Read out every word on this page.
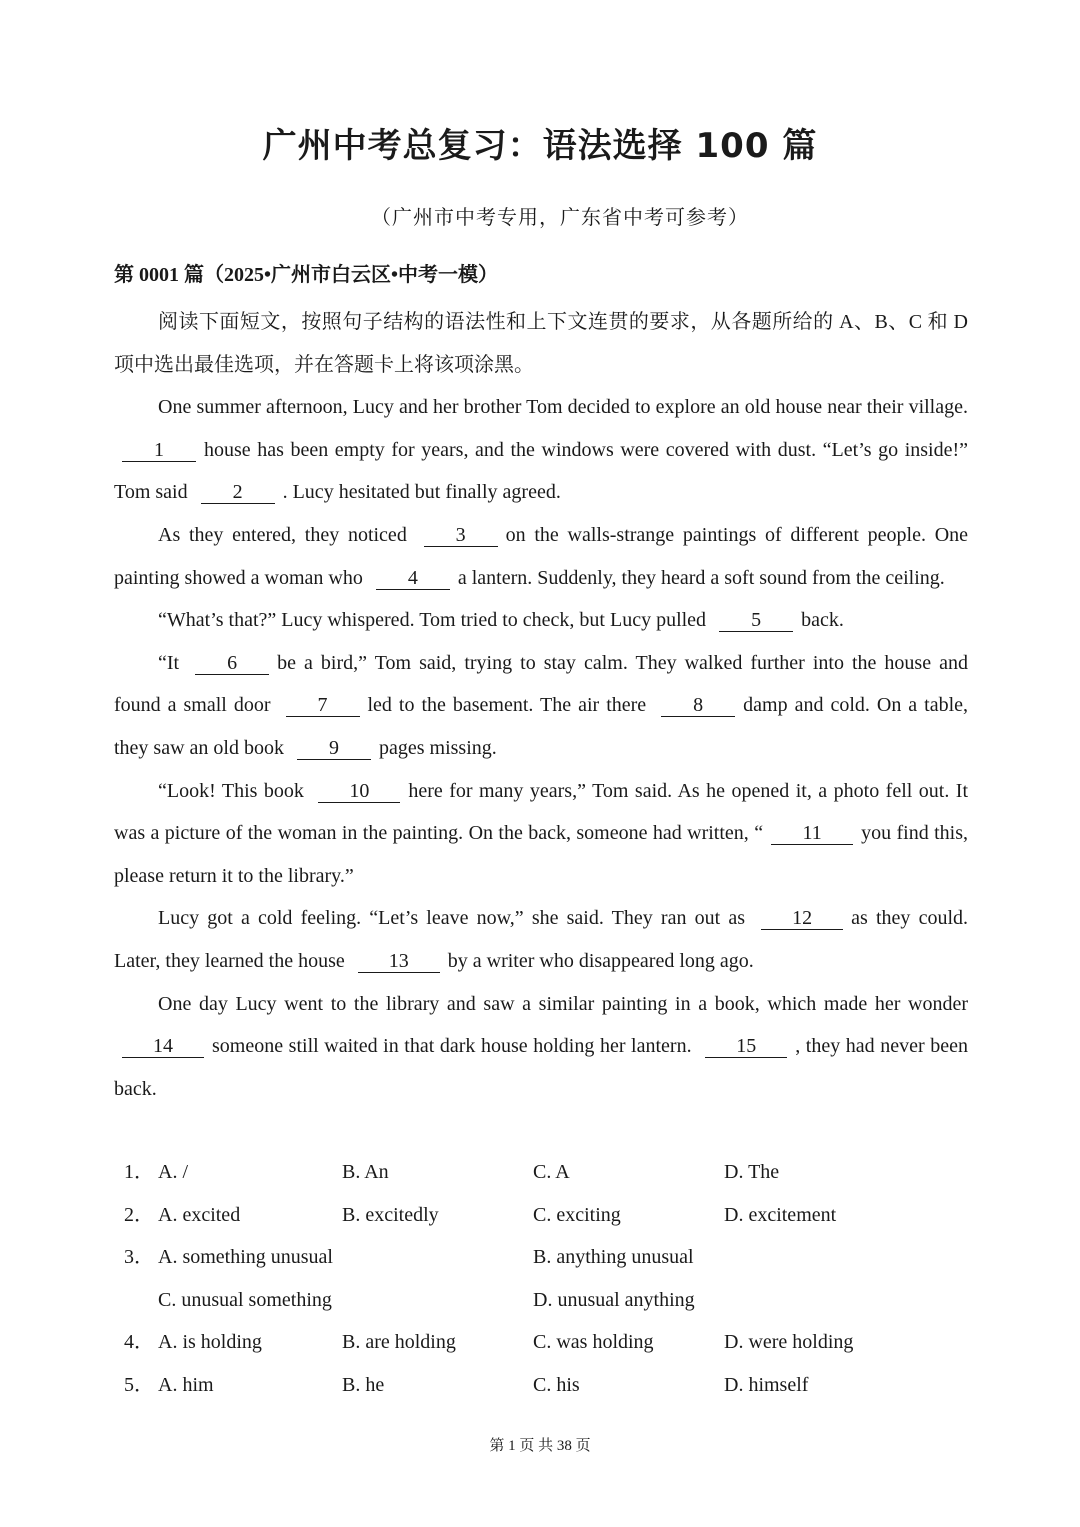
广州中考总复习：语法选择 100 篇
（广州市中考专用，广东省中考可参考）
第 0001 篇（2025•广州市白云区•中考一模）

阅读下面短文，按照句子结构的语法性和上下文连贯的要求，从各题所给的 A、B、C 和 D 项中选出最佳选项，并在答题卡上将该项涂黑。

One summer afternoon, Lucy and her brother Tom decided to explore an old house near their village. 1 house has been empty for years, and the windows were covered with dust. “Let’s go inside!” Tom said 2 . Lucy hesitated but finally agreed.

As they entered, they noticed 3 on the walls-strange paintings of different people. One painting showed a woman who 4 a lantern. Suddenly, they heard a soft sound from the ceiling.

“What’s that?” Lucy whispered. Tom tried to check, but Lucy pulled 5 back.

“It 6 be a bird,” Tom said, trying to stay calm. They walked further into the house and found a small door 7 led to the basement. The air there 8 damp and cold. On a table, they saw an old book 9 pages missing.

“Look! This book 10 here for many years,” Tom said. As he opened it, a photo fell out. It was a picture of the woman in the painting. On the back, someone had written, “ 11 you find this, please return it to the library.”

Lucy got a cold feeling. “Let’s leave now,” she said. They ran out as 12 as they could. Later, they learned the house 13 by a writer who disappeared long ago.

One day Lucy went to the library and saw a similar painting in a book, which made her wonder 14 someone still waited in that dark house holding her lantern. 15 , they had never been back.

1． A. /	B. An	C. A	D. The
2． A. excited	B. excitedly	C. exciting	D. excitement
3． A. something unusual	B. anything unusual
C. unusual something	D. unusual anything
4． A. is holding	B. are holding	C. was holding	D. were holding
5． A. him	B. he	C. his	D. himself
第 1 页 共 38 页
